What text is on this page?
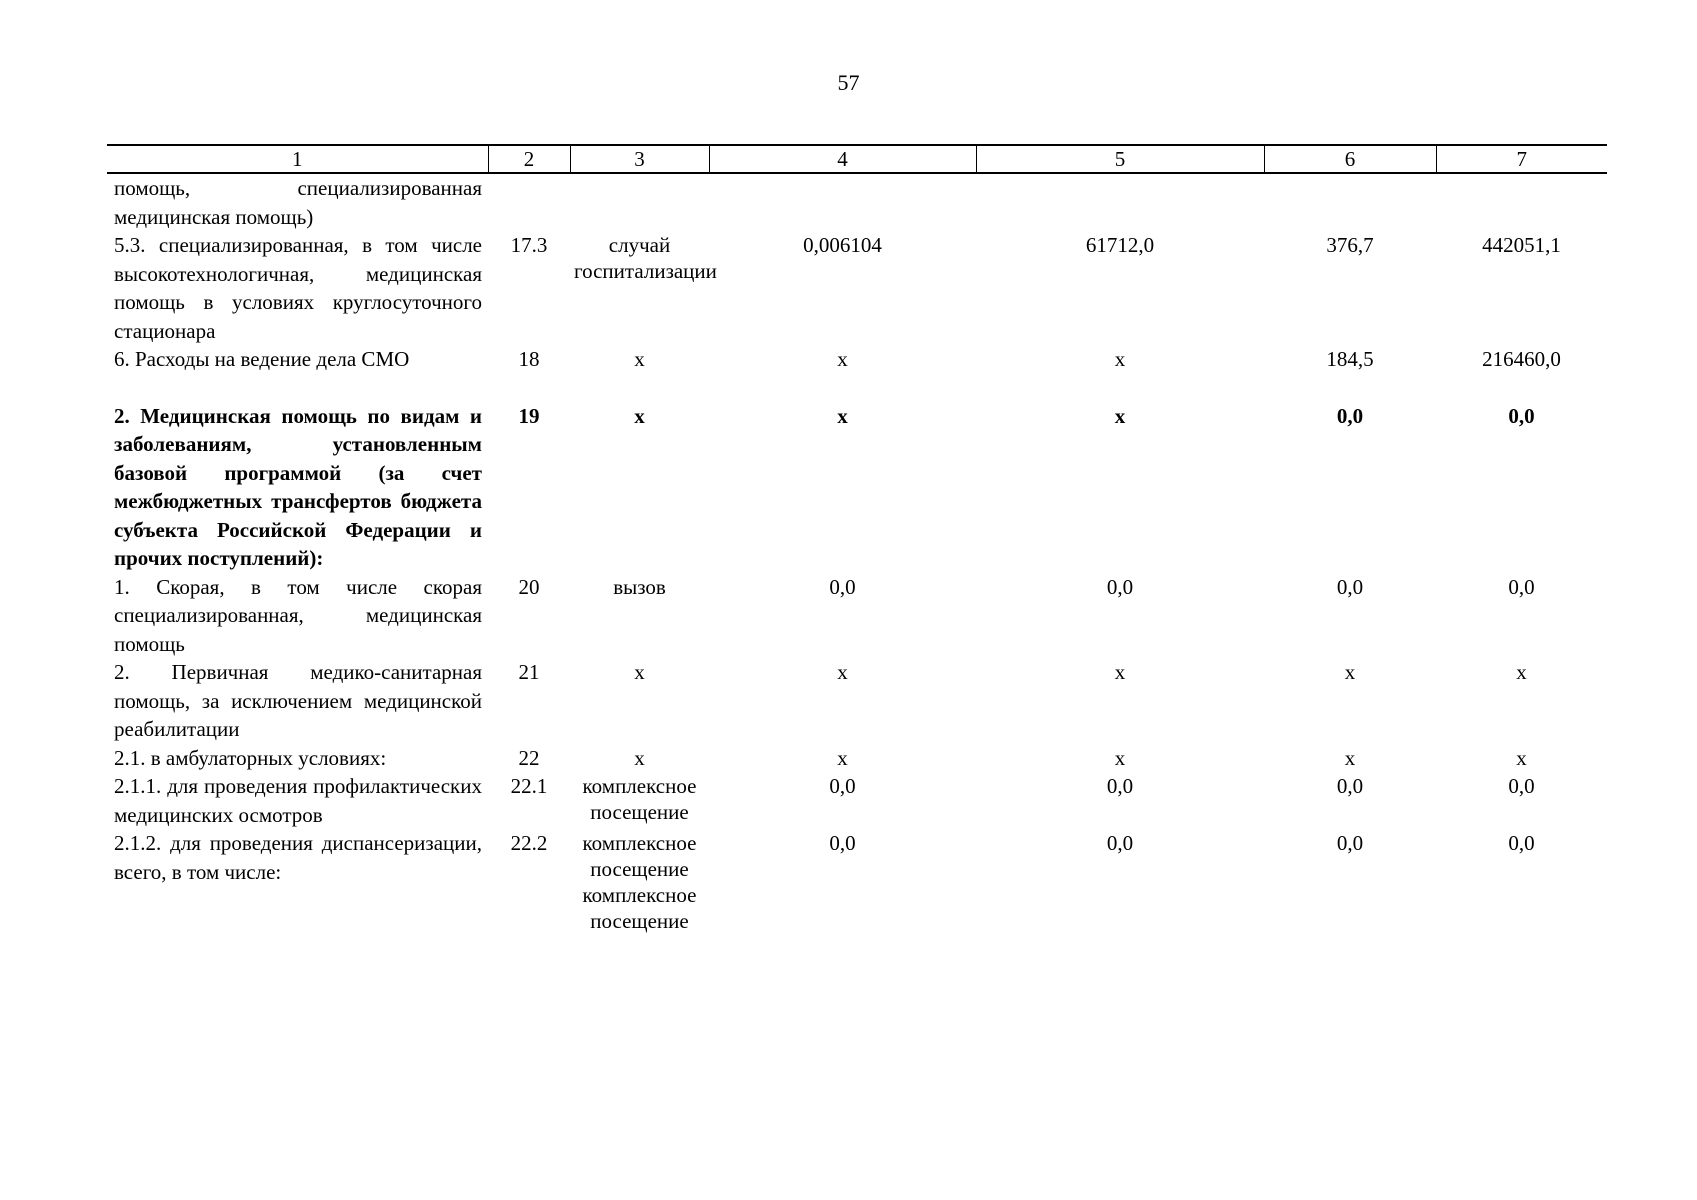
57
1	2	3	4	5	6	7
помощь, специализированная медицинская помощь)						
5.3. специализированная, в том числе высокотехнологичная, медицинская помощь в условиях круглосуточного стационара	17.3	случай госпитализации	0,006104	61712,0	376,7	442051,1
6. Расходы на ведение дела СМО	18	х	х	х	184,5	216460,0

2. Медицинская помощь по видам и заболеваниям, установленным базовой программой (за счет межбюджетных трансфертов бюджета субъекта Российской Федерации и прочих поступлений):	19	х	х	х	0,0	0,0
1. Скорая, в том числе скорая специализированная, медицинская помощь	20	вызов	0,0	0,0	0,0	0,0
2. Первичная медико-санитарная помощь, за исключением медицинской реабилитации	21	х	х	х	х	х
2.1. в амбулаторных условиях:	22	х	х	х	х	х
2.1.1. для проведения профилактических медицинских осмотров	22.1	комплексное посещение	0,0	0,0	0,0	0,0
2.1.2. для проведения диспансеризации, всего, в том числе:	22.2	комплексное посещение комплексное посещение	0,0	0,0	0,0	0,0
